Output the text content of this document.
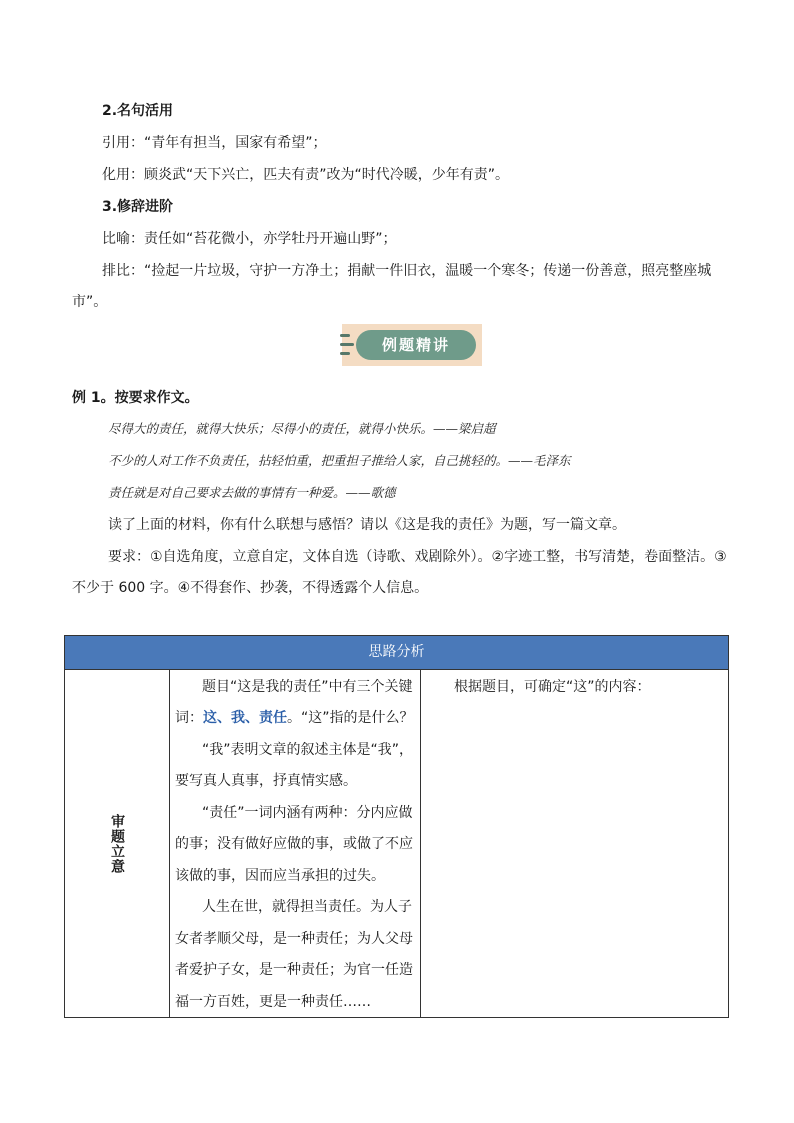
2.名句活用
引用：“青年有担当，国家有希望”；
化用：顾炎武“天下兴亡，匹夫有责”改为“时代冷暖，少年有责”。
3.修辞进阶
比喻：责任如“苔花微小，亦学牡丹开遍山野”；
排比：“捡起一片垃圾，守护一方净土；捐献一件旧衣，温暖一个寒冬；传递一份善意，照亮整座城
市”。
例题精讲
例 1。按要求作文。
尽得大的责任，就得大快乐；尽得小的责任，就得小快乐。——梁启超
不少的人对工作不负责任，拈轻怕重，把重担子推给人家，自己挑轻的。——毛泽东
责任就是对自己要求去做的事情有一种爱。——歌德
读了上面的材料，你有什么联想与感悟？请以《这是我的责任》为题，写一篇文章。
要求：①自选角度，立意自定，文体自选（诗歌、戏剧除外）。②字迹工整，书写清楚，卷面整洁。③
不少于 600 字。④不得套作、抄袭，不得透露个人信息。
思路分析
审题立意
题目“这是我的责任”中有三个关键
词：这、我、责任。“这”指的是什么？
“我”表明文章的叙述主体是“我”，
要写真人真事，抒真情实感。
“责任”一词内涵有两种：分内应做
的事；没有做好应做的事，或做了不应
该做的事，因而应当承担的过失。
人生在世，就得担当责任。为人子
女者孝顺父母，是一种责任；为人父母
者爱护子女，是一种责任；为官一任造
福一方百姓，更是一种责任……
根据题目，可确定“这”的内容：
